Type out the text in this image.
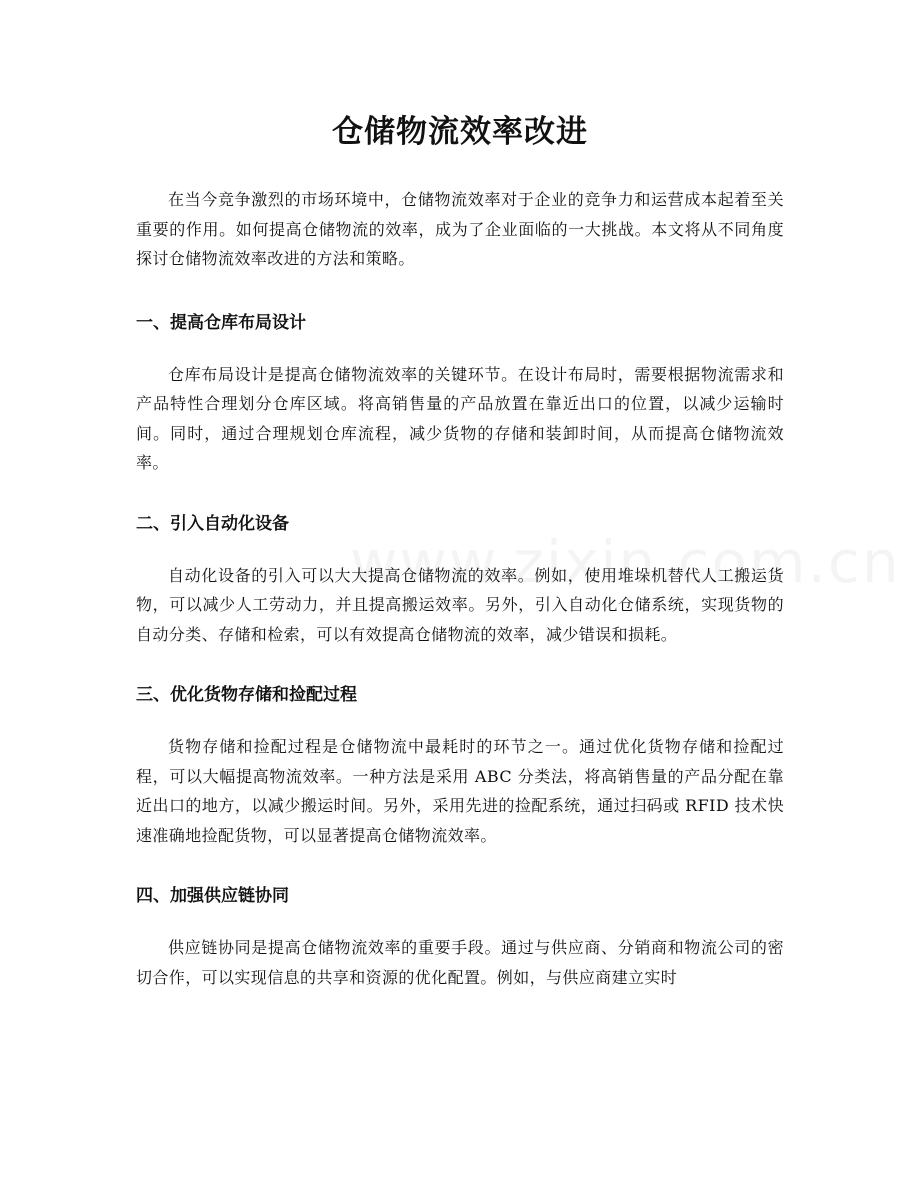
仓储物流效率改进

在当今竞争激烈的市场环境中，仓储物流效率对于企业的竞争力和运营成本起着至关重要的作用。如何提高仓储物流的效率，成为了企业面临的一大挑战。本文将从不同角度探讨仓储物流效率改进的方法和策略。

一、提高仓库布局设计

仓库布局设计是提高仓储物流效率的关键环节。在设计布局时，需要根据物流需求和产品特性合理划分仓库区域。将高销售量的产品放置在靠近出口的位置，以减少运输时间。同时，通过合理规划仓库流程，减少货物的存储和装卸时间，从而提高仓储物流效率。

二、引入自动化设备

自动化设备的引入可以大大提高仓储物流的效率。例如，使用堆垛机替代人工搬运货物，可以减少人工劳动力，并且提高搬运效率。另外，引入自动化仓储系统，实现货物的自动分类、存储和检索，可以有效提高仓储物流的效率，减少错误和损耗。

三、优化货物存储和捡配过程

货物存储和捡配过程是仓储物流中最耗时的环节之一。通过优化货物存储和捡配过程，可以大幅提高物流效率。一种方法是采用 ABC 分类法，将高销售量的产品分配在靠近出口的地方，以减少搬运时间。另外，采用先进的捡配系统，通过扫码或 RFID 技术快速准确地捡配货物，可以显著提高仓储物流效率。

四、加强供应链协同

供应链协同是提高仓储物流效率的重要手段。通过与供应商、分销商和物流公司的密切合作，可以实现信息的共享和资源的优化配置。例如，与供应商建立实时
